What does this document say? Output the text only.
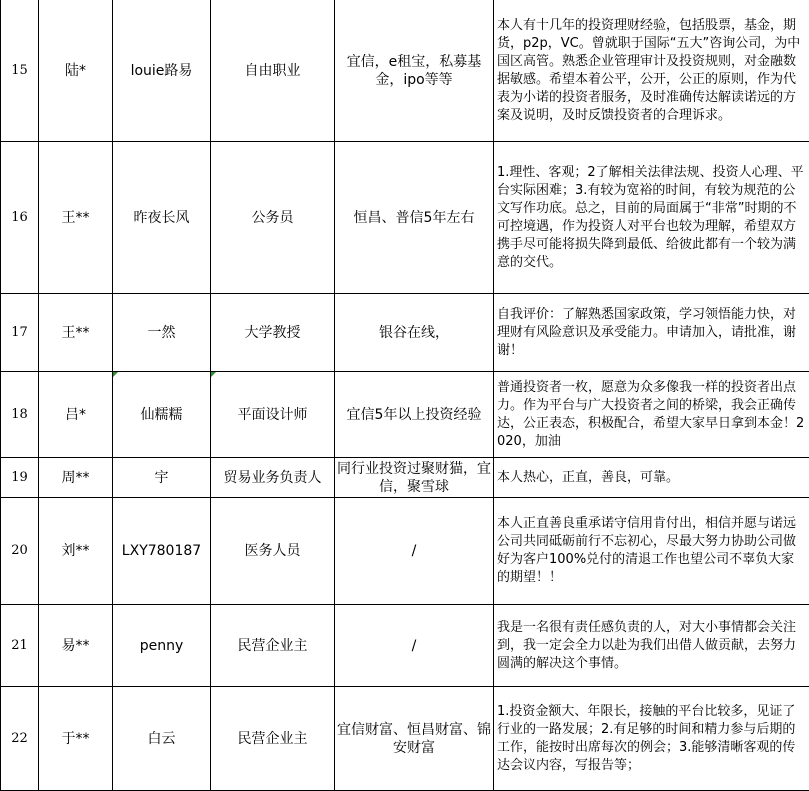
15	陆*	louie路易	自由职业	宜信，e租宝，私募基金，ipo等等	本人有十几年的投资理财经验，包括股票，基金，期货，p2p，VC。曾就职于国际“五大”咨询公司，为中国区高管。熟悉企业管理审计及投资规则，对金融数据敏感。希望本着公平，公开，公正的原则，作为代表为小诺的投资者服务，及时准确传达解读诺远的方案及说明，及时反馈投资者的合理诉求。
16	王**	昨夜长风	公务员	恒昌、普信5年左右	1.理性、客观；2了解相关法律法规、投资人心理、平台实际困难；3.有较为宽裕的时间，有较为规范的公文写作功底。总之，目前的局面属于“非常”时期的不可控境遇，作为投资人对平台也较为理解，希望双方携手尽可能将损失降到最低、给彼此都有一个较为满意的交代。
17	王**	一然	大学教授	银谷在线，	自我评价：了解熟悉国家政策，学习领悟能力快，对理财有风险意识及承受能力。申请加入，请批准，谢谢！
18	吕*	仙糯糯	平面设计师	宜信5年以上投资经验	普通投资者一枚，愿意为众多像我一样的投资者出点力。作为平台与广大投资者之间的桥梁，我会正确传达，公正表态，积极配合，希望大家早日拿到本金！2020，加油
19	周**	宇	贸易业务负责人	同行业投资过聚财猫，宜信，聚雪球	本人热心，正直，善良，可靠。
20	刘**	LXY780187	医务人员	/	本人正直善良重承诺守信用肯付出，相信并愿与诺远公司共同砥砺前行不忘初心，尽最大努力协助公司做好为客户100%兑付的清退工作也望公司不辜负大家的期望！！
21	易**	penny	民营企业主	/	我是一名很有责任感负责的人，对大小事情都会关注到，我一定会全力以赴为我们出借人做贡献，去努力圆满的解决这个事情。
22	于**	白云	民营企业主	宜信财富、恒昌财富、锦安财富	1.投资金额大、年限长，接触的平台比较多，见证了行业的一路发展；2.有足够的时间和精力参与后期的工作，能按时出席每次的例会；3.能够清晰客观的传达会议内容，写报告等；
